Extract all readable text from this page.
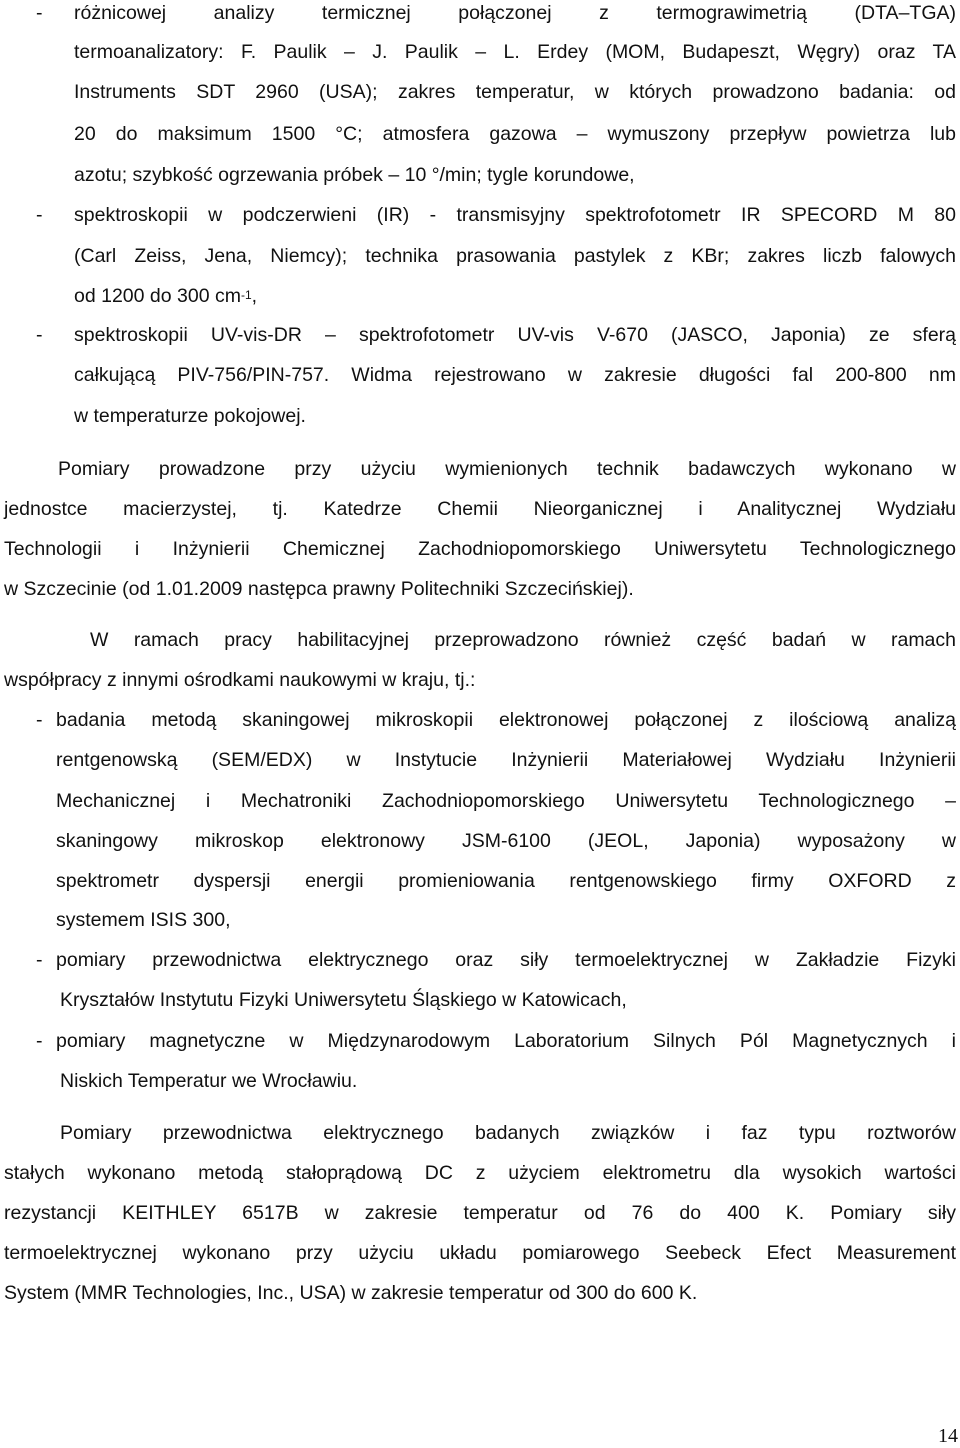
- różnicowej analizy termicznej połączonej z termograwimetrią (DTA–TGA)
termoanalizatory: F. Paulik – J. Paulik – L. Erdey (MOM, Budapeszt, Węgry) oraz TA
Instruments SDT 2960 (USA); zakres temperatur, w których prowadzono badania: od
20 do maksimum 1500 °C; atmosfera gazowa – wymuszony przepływ powietrza lub
azotu; szybkość ogrzewania próbek – 10 °/min; tygle korundowe,
- spektroskopii w podczerwieni (IR) - transmisyjny spektrofotometr IR SPECORD M 80
(Carl Zeiss, Jena, Niemcy); technika prasowania pastylek z KBr; zakres liczb falowych
od 1200 do 300 $cm^{-1}$,
- spektroskopii UV-vis-DR – spektrofotometr UV-vis V-670 (JASCO, Japonia) ze sferą
całkującą PIV-756/PIN-757. Widma rejestrowano w zakresie długości fal 200-800 nm
w temperaturze pokojowej.
Pomiary prowadzone przy użyciu wymienionych technik badawczych wykonano w
jednostce macierzystej, tj. Katedrze Chemii Nieorganicznej i Analitycznej Wydziału
Technologii i Inżynierii Chemicznej Zachodniopomorskiego Uniwersytetu Technologicznego
w Szczecinie (od 1.01.2009 następca prawny Politechniki Szczecińskiej).
W ramach pracy habilitacyjnej przeprowadzono również część badań w ramach
współpracy z innymi ośrodkami naukowymi w kraju, tj.:
- badania metodą skaningowej mikroskopii elektronowej połączonej z ilościową analizą
rentgenowską (SEM/EDX) w Instytucie Inżynierii Materiałowej Wydziału Inżynierii
Mechanicznej i Mechatroniki Zachodniopomorskiego Uniwersytetu Technologicznego –
skaningowy mikroskop elektronowy JSM-6100 (JEOL, Japonia) wyposażony w
spektrometr dyspersji energii promieniowania rentgenowskiego firmy OXFORD z
systemem ISIS 300,
- pomiary przewodnictwa elektrycznego oraz siły termoelektrycznej w Zakładzie Fizyki
Kryształów Instytutu Fizyki Uniwersytetu Śląskiego w Katowicach,
- pomiary magnetyczne w Międzynarodowym Laboratorium Silnych Pól Magnetycznych i
Niskich Temperatur we Wrocławiu.
Pomiary przewodnictwa elektrycznego badanych związków i faz typu roztworów
stałych wykonano metodą stałoprądową DC z użyciem elektrometru dla wysokich wartości
rezystancji KEITHLEY 6517B w zakresie temperatur od 76 do 400 K. Pomiary siły
termoelektrycznej wykonano przy użyciu układu pomiarowego Seebeck Efect Measurement
System (MMR Technologies, Inc., USA) w zakresie temperatur od 300 do 600 K.
14
